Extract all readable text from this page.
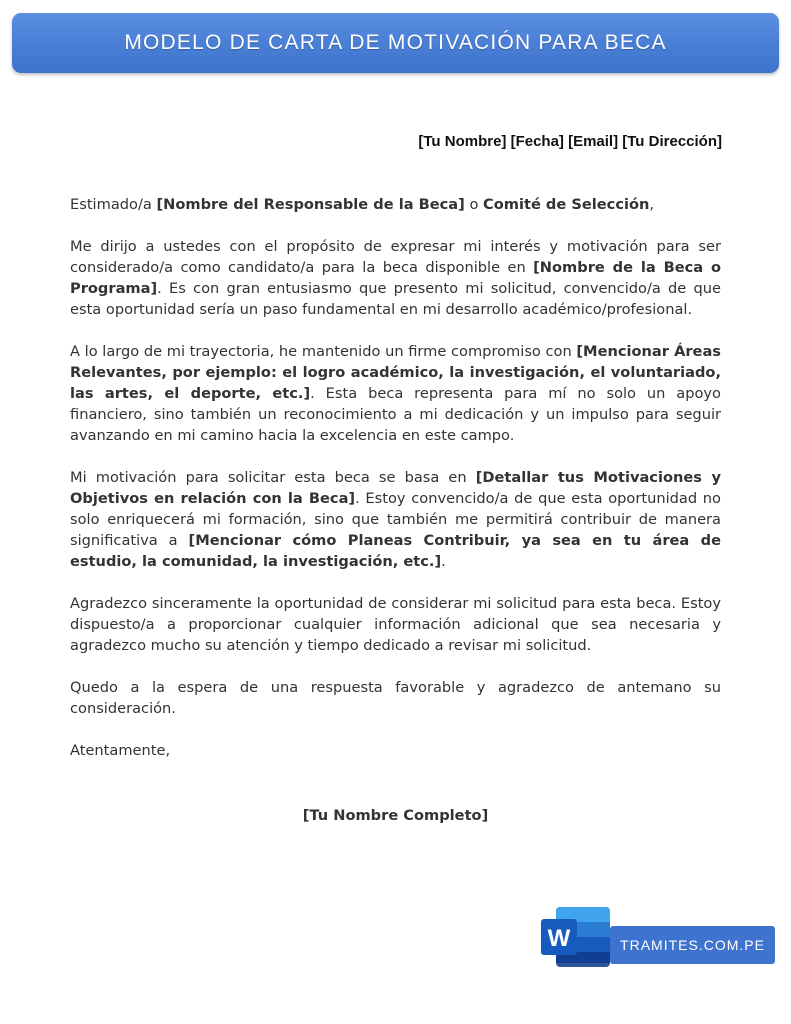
MODELO DE CARTA DE MOTIVACIÓN PARA BECA
[Tu Nombre] [Fecha] [Email] [Tu Dirección]

Estimado/a [Nombre del Responsable de la Beca] o Comité de Selección,

Me dirijo a ustedes con el propósito de expresar mi interés y motivación para ser considerado/a como candidato/a para la beca disponible en [Nombre de la Beca o Programa]. Es con gran entusiasmo que presento mi solicitud, convencido/a de que esta oportunidad sería un paso fundamental en mi desarrollo académico/profesional.

A lo largo de mi trayectoria, he mantenido un firme compromiso con [Mencionar Áreas Relevantes, por ejemplo: el logro académico, la investigación, el voluntariado, las artes, el deporte, etc.]. Esta beca representa para mí no solo un apoyo financiero, sino también un reconocimiento a mi dedicación y un impulso para seguir avanzando en mi camino hacia la excelencia en este campo.

Mi motivación para solicitar esta beca se basa en [Detallar tus Motivaciones y Objetivos en relación con la Beca]. Estoy convencido/a de que esta oportunidad no solo enriquecerá mi formación, sino que también me permitirá contribuir de manera significativa a [Mencionar cómo Planeas Contribuir, ya sea en tu área de estudio, la comunidad, la investigación, etc.].

Agradezco sinceramente la oportunidad de considerar mi solicitud para esta beca. Estoy dispuesto/a a proporcionar cualquier información adicional que sea necesaria y agradezco mucho su atención y tiempo dedicado a revisar mi solicitud.

Quedo a la espera de una respuesta favorable y agradezco de antemano su consideración.

Atentamente,

[Tu Nombre Completo]
W	TRAMITES.COM.PE
